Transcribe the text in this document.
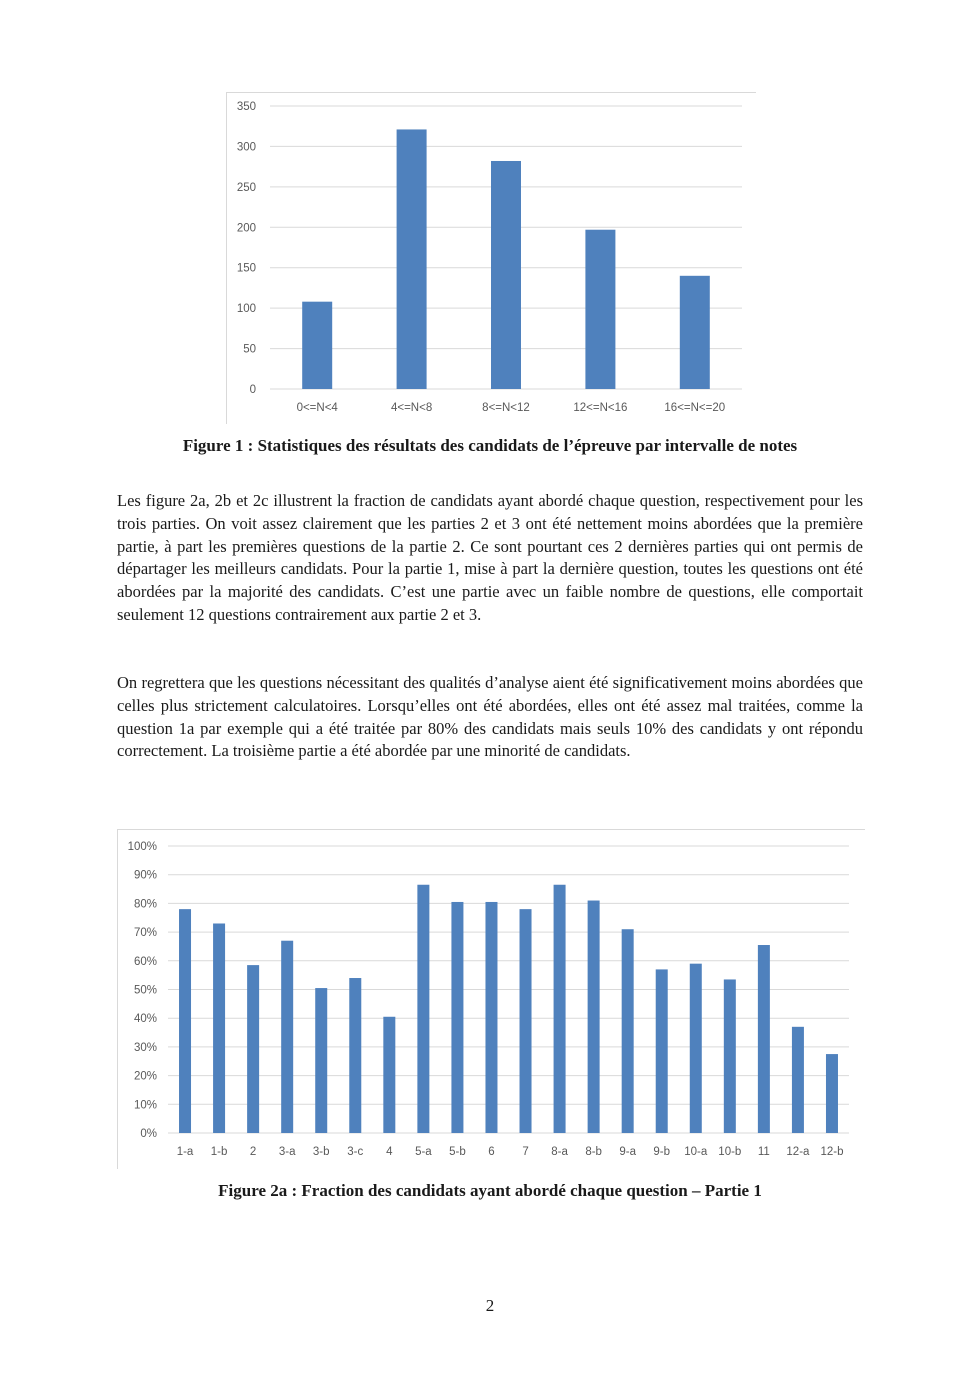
0
50
100
150
200
250
300
350
0<=N<4	4<=N<8	8<=N<12	12<=N<16	16<=N<=20
Figure 1 : Statistiques des résultats des candidats de l’épreuve par intervalle de notes

Les figure 2a, 2b et 2c illustrent la fraction de candidats ayant abordé chaque question, respectivement pour les trois parties. On voit assez clairement que les parties 2 et 3 ont été nettement moins abordées que la première partie, à part les premières questions de la partie 2. Ce sont pourtant ces 2 dernières parties qui ont permis de départager les meilleurs candidats. Pour la partie 1, mise à part la dernière question, toutes les questions ont été abordées par la majorité des candidats. C’est une partie avec un faible nombre de questions, elle comportait seulement 12 questions contrairement aux partie 2 et 3.

On regrettera que les questions nécessitant des qualités d’analyse aient été significativement moins abordées que celles plus strictement calculatoires. Lorsqu’elles ont été abordées, elles ont été assez mal traitées, comme la question 1a par exemple qui a été traitée par 80% des candidats mais seuls 10% des candidats y ont répondu correctement. La troisième partie a été abordée par une minorité de candidats.

0%
10%
20%
30%
40%
50%
60%
70%
80%
90%
100%
1-a 1-b 2 3-a 3-b 3-c 4 5-a 5-b 6 7 8-a 8-b 9-a 9-b 10-a 10-b 11 12-a 12-b
Figure 2a : Fraction des candidats ayant abordé chaque question – Partie 1
2
